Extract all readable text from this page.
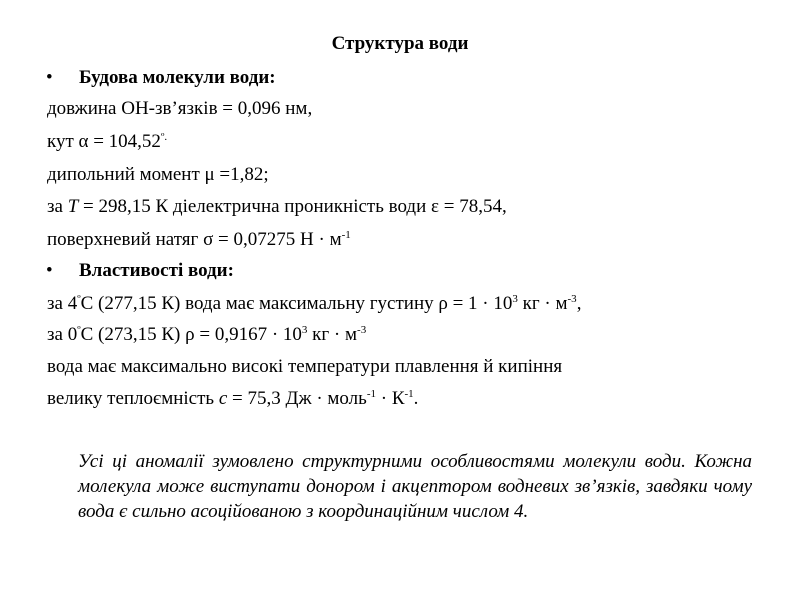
Структура води
• Будова молекули води:
довжина ОН-зв’язків = 0,096 нм,
кут $\alpha = 104,52^{º.}$
дипольний момент μ =1,82;
за T = 298,15 К діелектрична проникність води ε = 78,54,
поверхневий натяг σ = 0,07275 $Н \cdot м^{-1}$
• Властивості води:
за $4^ºС$ (277,15 К) вода має максимальну густину $\rho = 1 \cdot 10^3$ кг · $м^{-3}$,
за $0^ºС$ (273,15 К) $\rho = 0,9167 \cdot 10^3$ кг · $м^{-3}$
вода має максимально високі температури плавлення й кипіння
велику теплоємність c = 75,3 Дж · моль$^{-1}$ · $К^{-1}$.
Усі ці аномалії зумовлено структурними особливостями молекули води. Кожна молекула може виступати донором і акцептором водневих зв’язків, завдяки чому вода є сильно асоційованою з координаційним числом 4.
